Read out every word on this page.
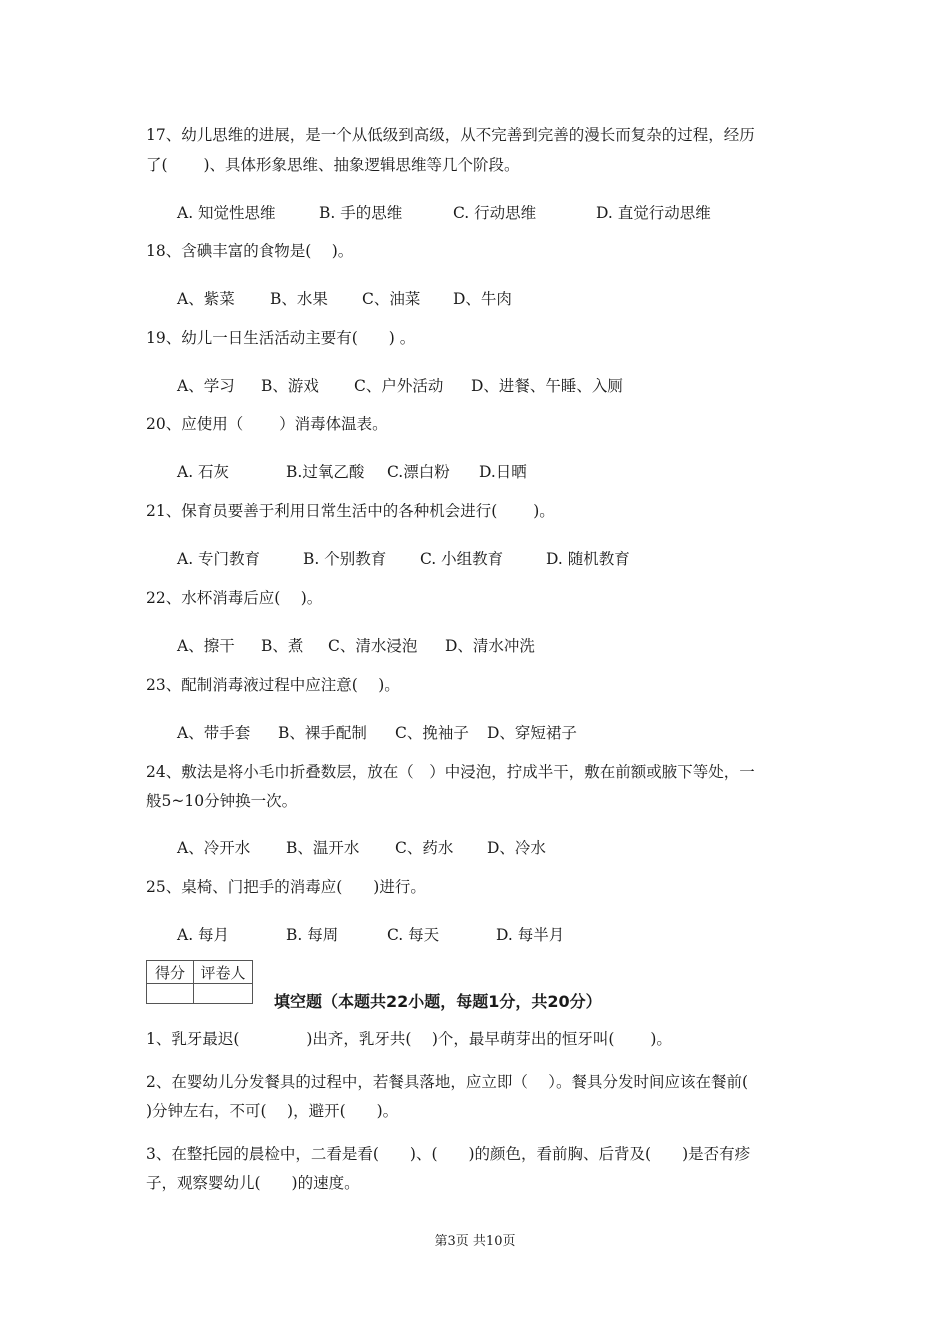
17、幼儿思维的进展，是一个从低级到高级，从不完善到完善的漫长而复杂的过程，经历
了(　　 )、具体形象思维、抽象逻辑思维等几个阶段。
A. 知觉性思维	B. 手的思维	C. 行动思维	D. 直觉行动思维
18、含碘丰富的食物是(　 )。
A、紫菜 B、水果 C、油菜 D、牛肉
19、幼儿一日生活活动主要有(　　) 。
A、学习 B、游戏 C、户外活动 D、进餐、午睡、入厕
20、应使用（　　 ）消毒体温表。
A. 石灰	B.过氧乙酸 C.漂白粉 D.日晒
21、保育员要善于利用日常生活中的各种机会进行(　　 )。
A. 专门教育	B. 个别教育 C. 小组教育	D. 随机教育
22、水杯消毒后应(　 )。
A、擦干 B、煮 C、清水浸泡 D、清水冲洗
23、配制消毒液过程中应注意(　 )。
A、带手套 B、裸手配制 C、挽袖子 D、穿短裙子
24、敷法是将小毛巾折叠数层，放在（　）中浸泡，拧成半干，敷在前额或腋下等处，一
般5~10分钟换一次。
A、冷开水 B、温开水 C、药水 D、冷水
25、桌椅、门把手的消毒应(　　)进行。
A. 每月	B. 每周	C. 每天	D. 每半月
得分	评卷人

填空题（本题共22小题，每题1分，共20分）
1、乳牙最迟(　　　　 )出齐，乳牙共(　 )个，最早萌芽出的恒牙叫(　　 )。
2、在婴幼儿分发餐具的过程中，若餐具落地，应立即（　 ）。餐具分发时间应该在餐前(
)分钟左右，不可(　 )，避开(　　)。
3、在整托园的晨检中，二看是看(　　)、(　　)的颜色，看前胸、后背及(　　)是否有疹
子，观察婴幼儿(　　)的速度。
第3页 共10页
